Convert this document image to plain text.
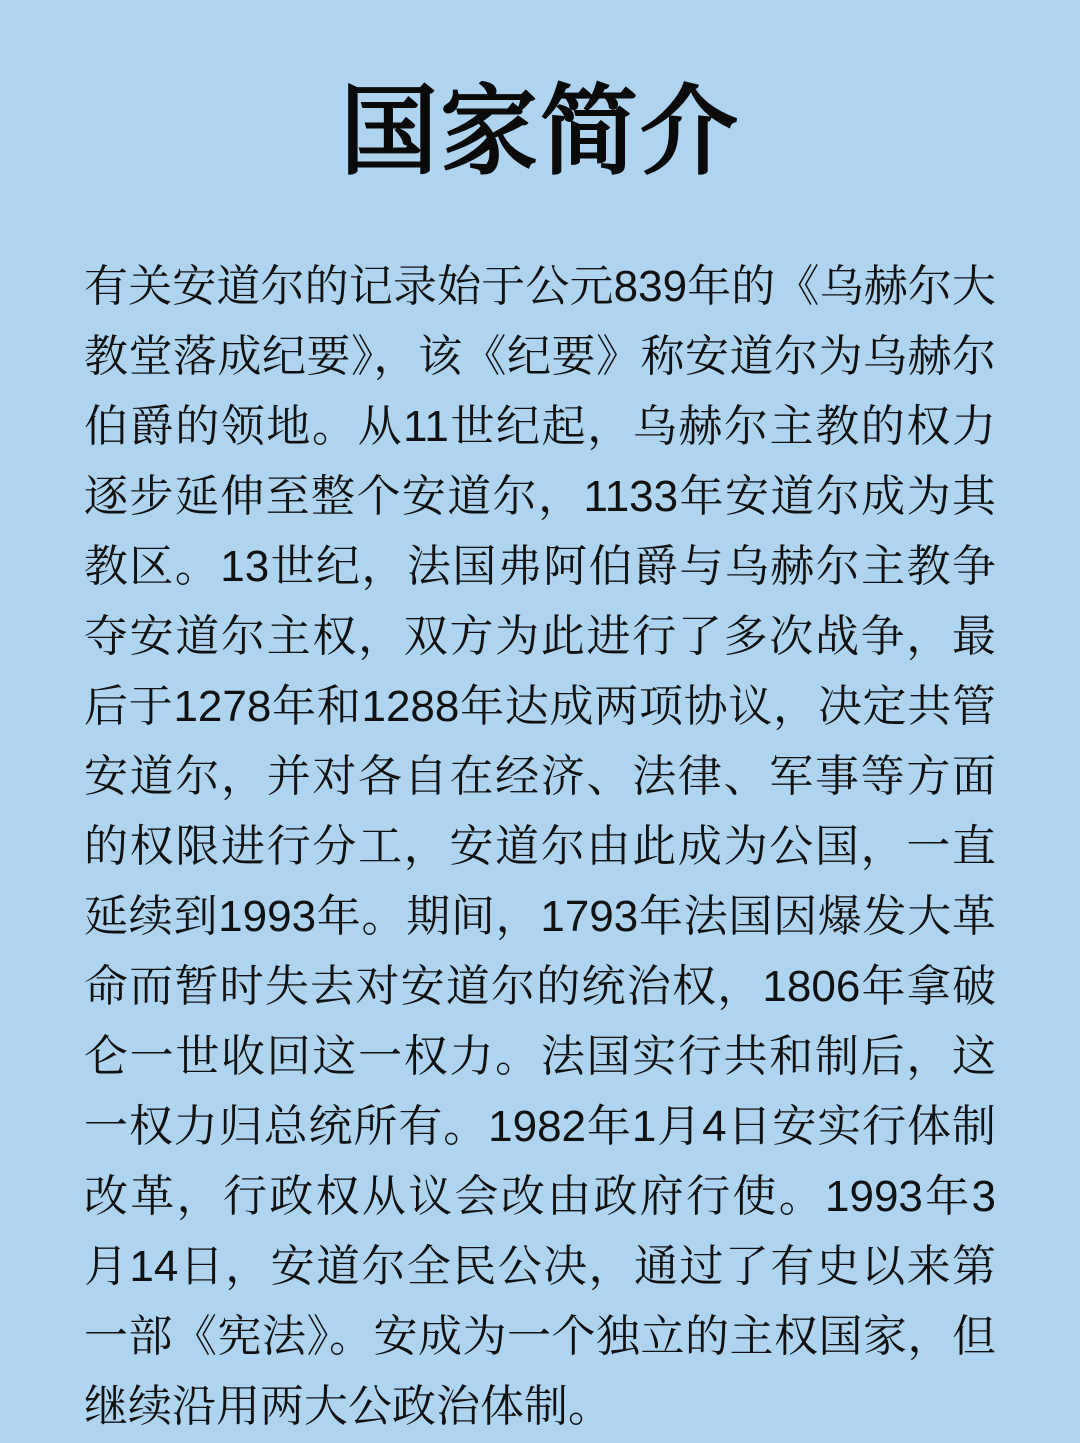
国家简介

有关安道尔的记录始于公元839年的《乌赫尔大教堂落成纪要》，该《纪要》称安道尔为乌赫尔伯爵的领地。从11世纪起，乌赫尔主教的权力逐步延伸至整个安道尔，1133年安道尔成为其教区。13世纪，法国弗阿伯爵与乌赫尔主教争夺安道尔主权，双方为此进行了多次战争，最后于1278年和1288年达成两项协议，决定共管安道尔，并对各自在经济、法律、军事等方面的权限进行分工，安道尔由此成为公国，一直延续到1993年。期间，1793年法国因爆发大革命而暂时失去对安道尔的统治权，1806年拿破仑一世收回这一权力。法国实行共和制后，这一权力归总统所有。1982年1月4日安实行体制改革，行政权从议会改由政府行使。1993年3月14日，安道尔全民公决，通过了有史以来第一部《宪法》。安成为一个独立的主权国家，但继续沿用两大公政治体制。
